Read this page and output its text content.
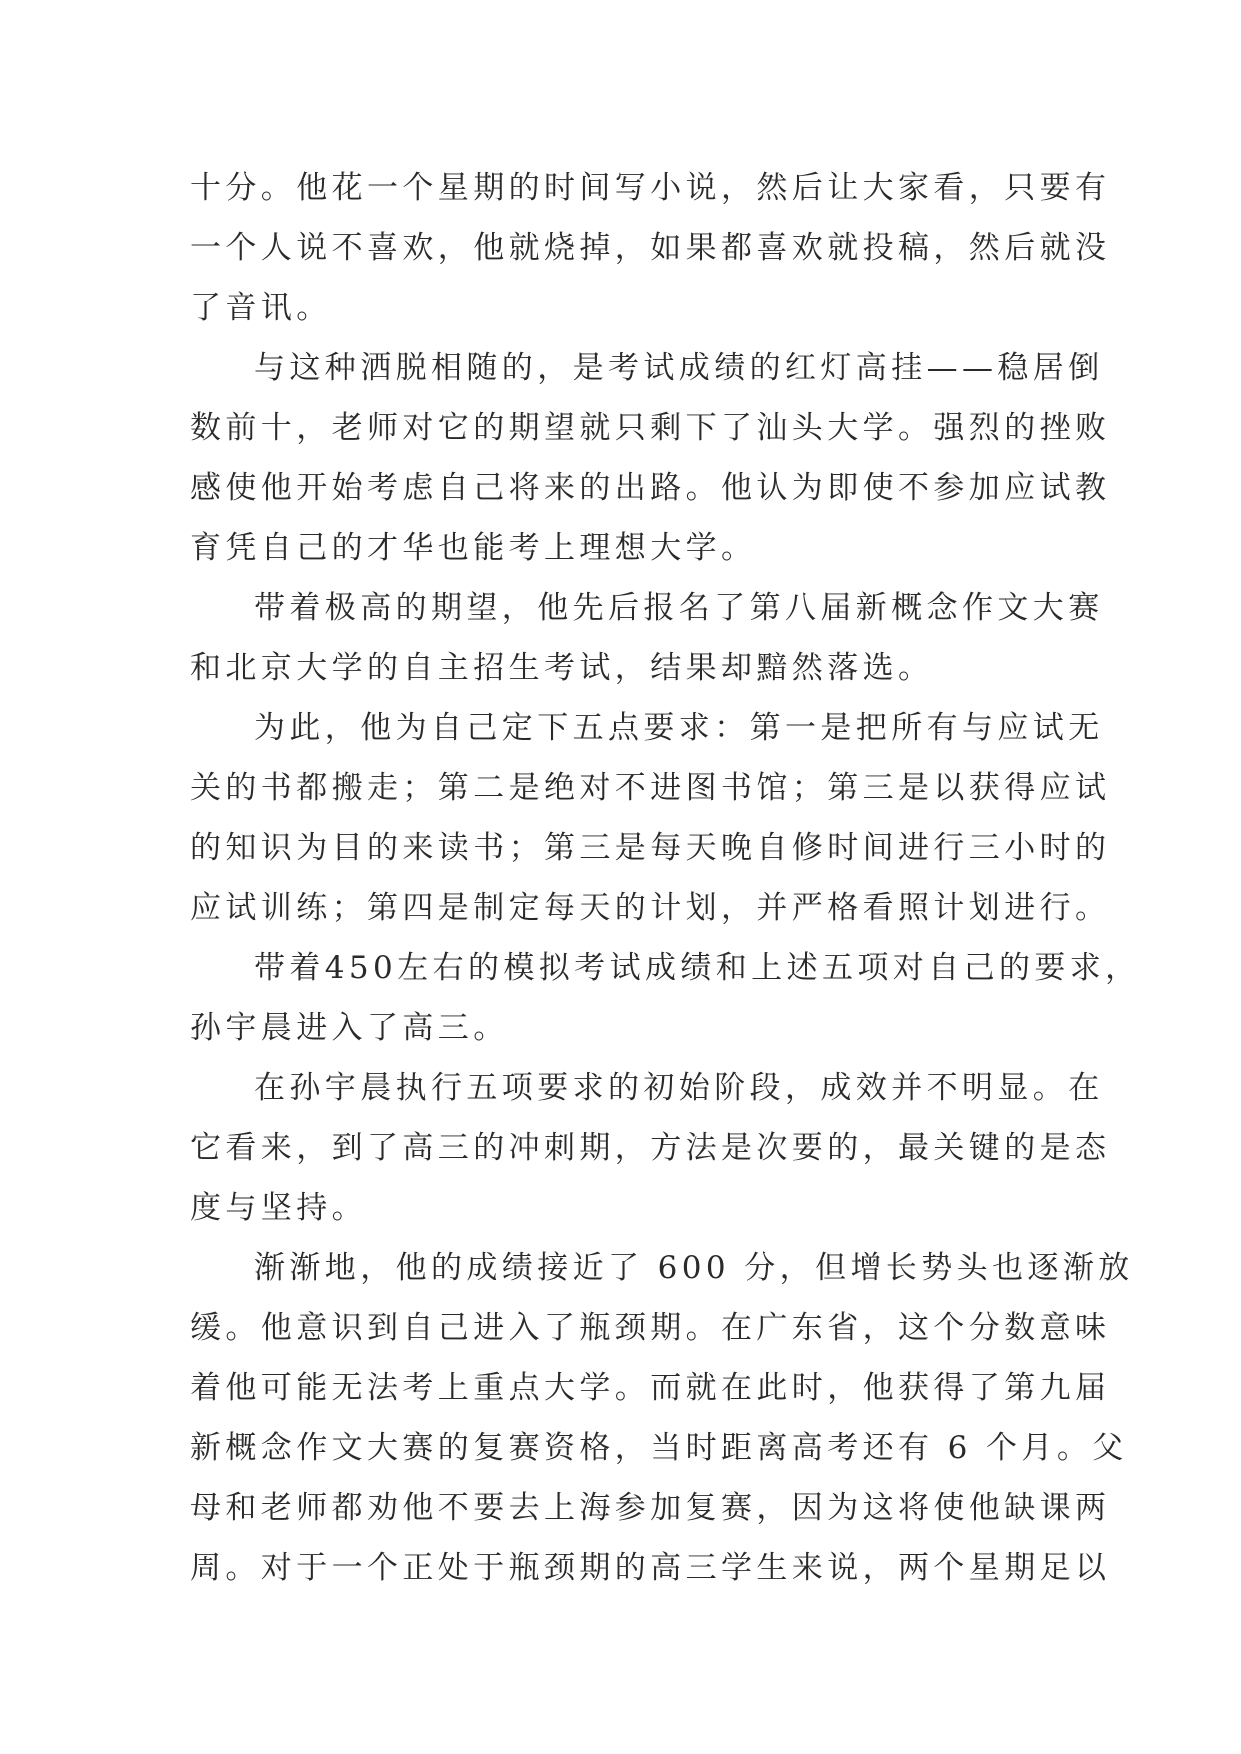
十分。他花一个星期的时间写小说，然后让大家看，只要有
一个人说不喜欢，他就烧掉，如果都喜欢就投稿，然后就没
了音讯。
与这种洒脱相随的，是考试成绩的红灯高挂——稳居倒
数前十，老师对它的期望就只剩下了汕头大学。强烈的挫败
感使他开始考虑自己将来的出路。他认为即使不参加应试教
育凭自己的才华也能考上理想大学。
带着极高的期望，他先后报名了第八届新概念作文大赛
和北京大学的自主招生考试，结果却黯然落选。
为此，他为自己定下五点要求：第一是把所有与应试无
关的书都搬走；第二是绝对不进图书馆；第三是以获得应试
的知识为目的来读书；第三是每天晚自修时间进行三小时的
应试训练；第四是制定每天的计划，并严格看照计划进行。
带着450左右的模拟考试成绩和上述五项对自己的要求，
孙宇晨进入了高三。
在孙宇晨执行五项要求的初始阶段，成效并不明显。在
它看来，到了高三的冲刺期，方法是次要的，最关键的是态
度与坚持。
渐渐地，他的成绩接近了 600 分，但增长势头也逐渐放
缓。他意识到自己进入了瓶颈期。在广东省，这个分数意味
着他可能无法考上重点大学。而就在此时，他获得了第九届
新概念作文大赛的复赛资格，当时距离高考还有 6 个月。父
母和老师都劝他不要去上海参加复赛，因为这将使他缺课两
周。对于一个正处于瓶颈期的高三学生来说，两个星期足以
